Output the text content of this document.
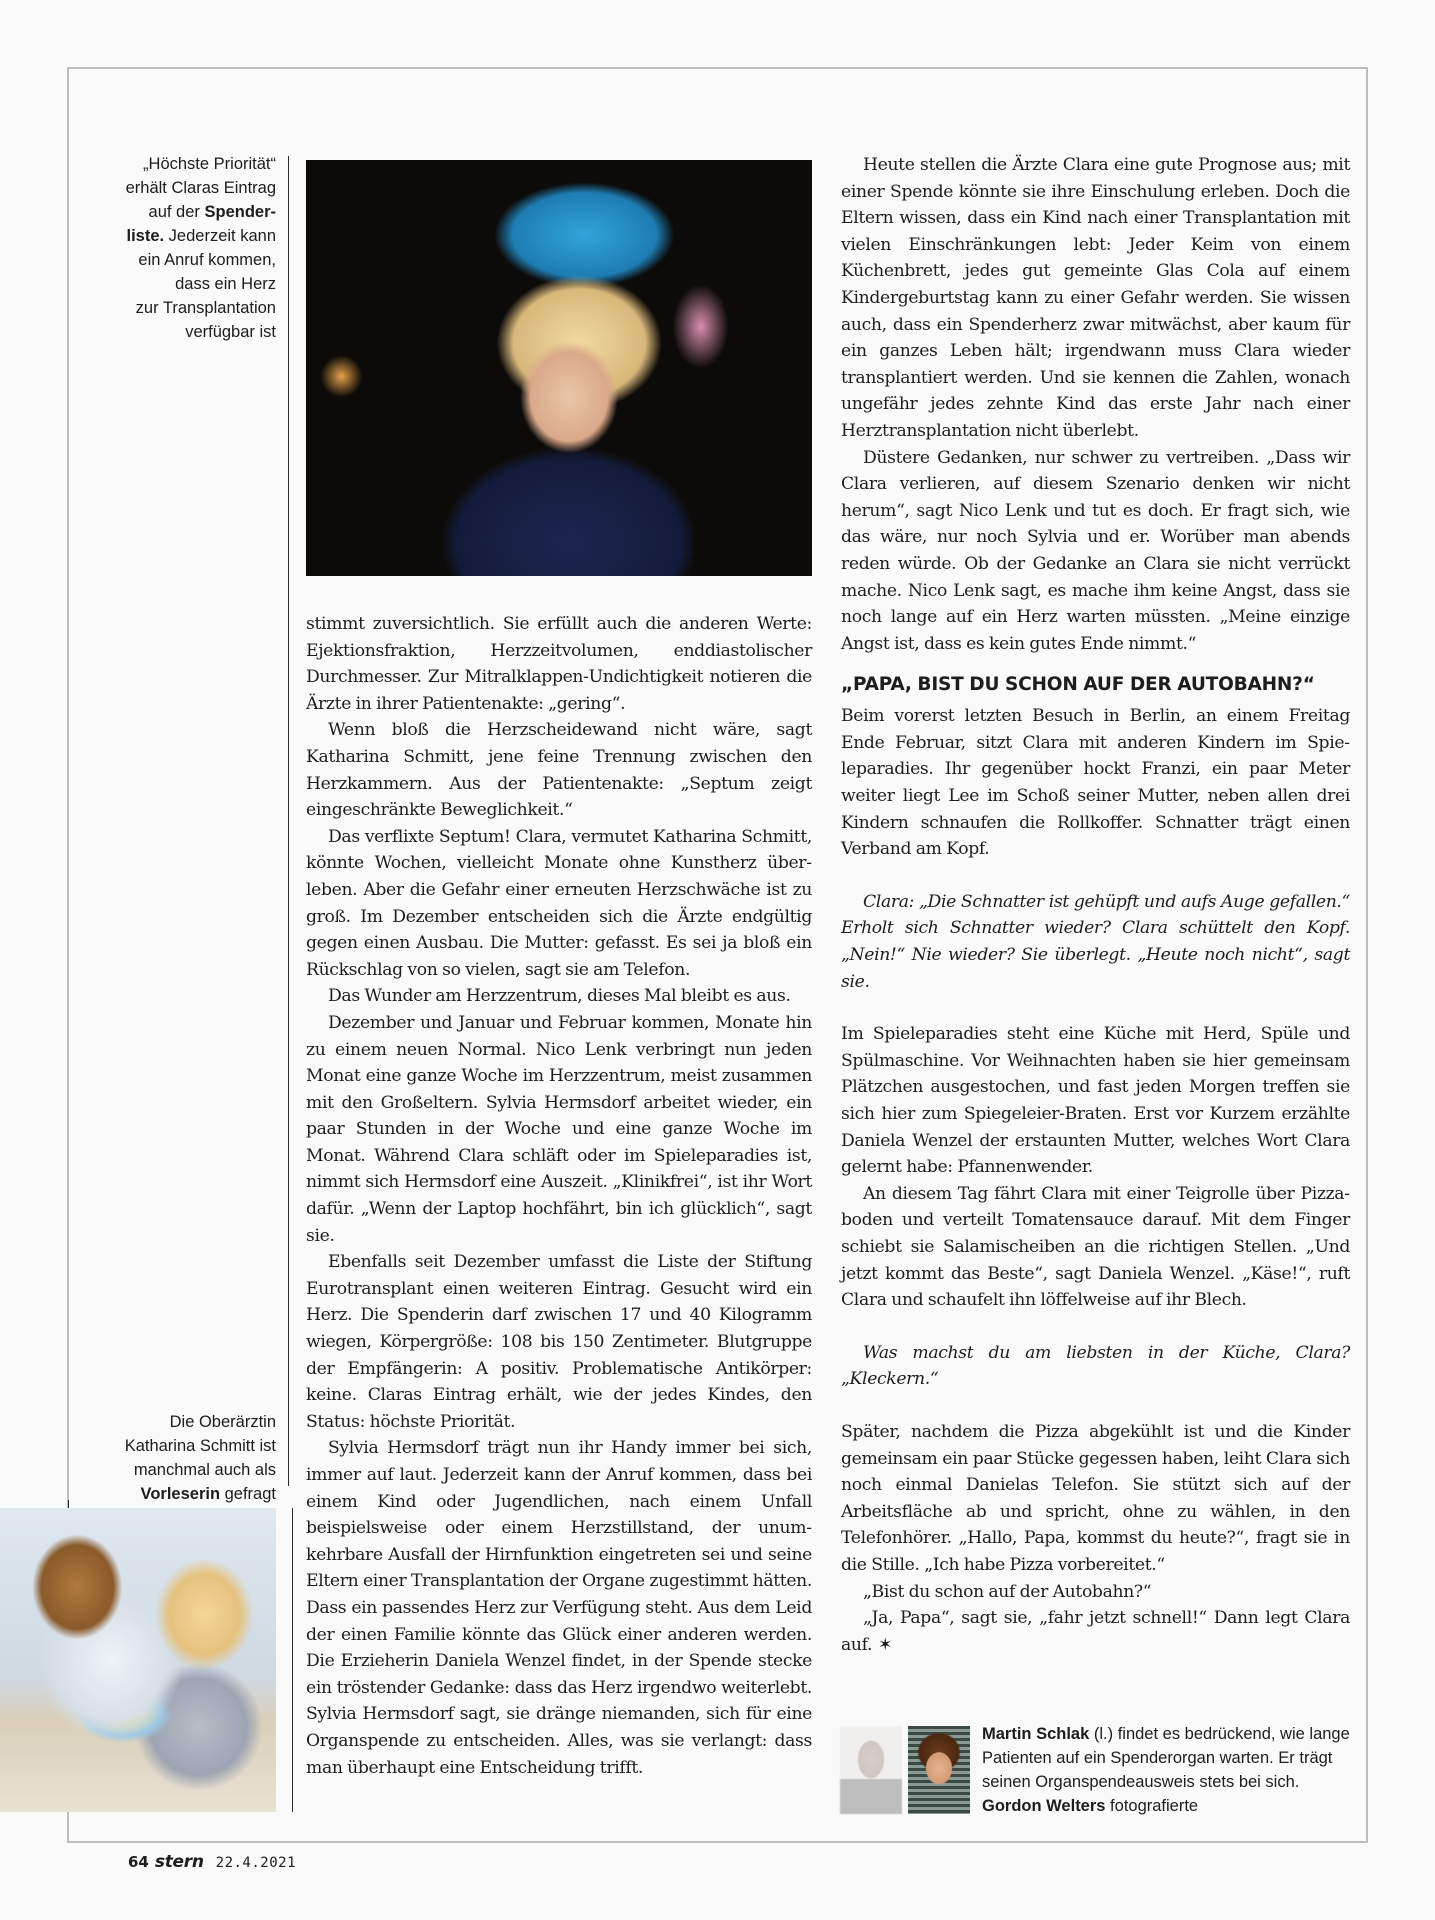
„Höchste Priorität“
erhält Claras Eintrag
auf der Spender-
liste. Jederzeit kann
ein Anruf kommen,
dass ein Herz
zur Transplantation
verfügbar ist
Die Oberärztin
Katharina Schmitt ist
manchmal auch als
Vorleserin gefragt

stimmt zuversichtlich. Sie erfüllt auch die anderen Werte: Ejektionsfraktion, Herzzeitvolumen, enddiastolischer Durchmesser. Zur Mitralklappen-Undichtigkeit notieren die Ärzte in ihrer Patientenakte: „gering“.

Wenn bloß die Herzscheidewand nicht wäre, sagt Katharina Schmitt, jene feine Trennung zwischen den Herzkammern. Aus der Patientenakte: „Septum zeigt eingeschränkte Beweglichkeit.“

Das verflixte Septum! Clara, vermutet Katharina Schmitt, könnte Wochen, vielleicht Monate ohne Kunstherz überleben. Aber die Gefahr einer erneuten Herzschwäche ist zu groß. Im Dezember entscheiden sich die Ärzte endgültig gegen einen Ausbau. Die Mutter: gefasst. Es sei ja bloß ein Rückschlag von so vielen, sagt sie am Telefon.

Das Wunder am Herzzentrum, dieses Mal bleibt es aus.

Dezember und Januar und Februar kommen, Monate hin zu einem neuen Normal. Nico Lenk verbringt nun jeden Monat eine ganze Woche im Herzzentrum, meist zusammen mit den Großeltern. Sylvia Hermsdorf arbeitet wieder, ein paar Stunden in der Woche und eine ganze Woche im Monat. Während Clara schläft oder im Spieleparadies ist, nimmt sich Hermsdorf eine Auszeit. „Klinikfrei“, ist ihr Wort dafür. „Wenn der Laptop hochfährt, bin ich glücklich“, sagt sie.

Ebenfalls seit Dezember umfasst die Liste der Stiftung Eurotransplant einen weiteren Eintrag. Gesucht wird ein Herz. Die Spenderin darf zwischen 17 und 40 Kilogramm wiegen, Körpergröße: 108 bis 150 Zentimeter. Blutgruppe der Empfängerin: A positiv. Problematische Antikörper: keine. Claras Eintrag erhält, wie der jedes Kindes, den Status: höchste Priorität.

Sylvia Hermsdorf trägt nun ihr Handy immer bei sich, immer auf laut. Jederzeit kann der Anruf kommen, dass bei einem Kind oder Jugendlichen, nach einem Unfall beispielsweise oder einem Herzstillstand, der unumkehrbare Ausfall der Hirnfunktion eingetreten sei und seine Eltern einer Transplantation der Organe zugestimmt hätten. Dass ein passendes Herz zur Verfügung steht. Aus dem Leid der einen Familie könnte das Glück einer anderen werden. Die Erzieherin Daniela Wenzel findet, in der Spende stecke ein tröstender Gedanke: dass das Herz irgendwo weiterlebt. Sylvia Hermsdorf sagt, sie dränge niemanden, sich für eine Organspende zu entscheiden. Alles, was sie verlangt: dass man überhaupt eine Entscheidung trifft.

Heute stellen die Ärzte Clara eine gute Prognose aus; mit einer Spende könnte sie ihre Einschulung erleben. Doch die Eltern wissen, dass ein Kind nach einer Transplantation mit vielen Einschränkungen lebt: Jeder Keim von einem Küchenbrett, jedes gut gemeinte Glas Cola auf einem Kindergeburtstag kann zu einer Gefahr werden. Sie wissen auch, dass ein Spenderherz zwar mitwächst, aber kaum für ein ganzes Leben hält; irgendwann muss Clara wieder transplantiert werden. Und sie kennen die Zahlen, wonach ungefähr jedes zehnte Kind das erste Jahr nach einer Herztransplantation nicht überlebt.

Düstere Gedanken, nur schwer zu vertreiben. „Dass wir Clara verlieren, auf diesem Szenario denken wir nicht herum“, sagt Nico Lenk und tut es doch. Er fragt sich, wie das wäre, nur noch Sylvia und er. Worüber man abends reden würde. Ob der Gedanke an Clara sie nicht verrückt mache. Nico Lenk sagt, es mache ihm keine Angst, dass sie noch lange auf ein Herz warten müssten. „Meine einzige Angst ist, dass es kein gutes Ende nimmt.“

„PAPA, BIST DU SCHON AUF DER AUTOBAHN?“

Beim vorerst letzten Besuch in Berlin, an einem Freitag Ende Februar, sitzt Clara mit anderen Kindern im Spieleparadies. Ihr gegenüber hockt Franzi, ein paar Meter weiter liegt Lee im Schoß seiner Mutter, neben allen drei Kindern schnaufen die Rollkoffer. Schnatter trägt einen Verband am Kopf.

Clara: „Die Schnatter ist gehüpft und aufs Auge gefallen.“ Erholt sich Schnatter wieder? Clara schüttelt den Kopf. „Nein!“ Nie wieder? Sie überlegt. „Heute noch nicht“, sagt sie.

Im Spieleparadies steht eine Küche mit Herd, Spüle und Spülmaschine. Vor Weihnachten haben sie hier gemeinsam Plätzchen ausgestochen, und fast jeden Morgen treffen sie sich hier zum Spiegeleier-Braten. Erst vor Kurzem erzählte Daniela Wenzel der erstaunten Mutter, welches Wort Clara gelernt habe: Pfannenwender.

An diesem Tag fährt Clara mit einer Teigrolle über Pizzaboden und verteilt Tomatensauce darauf. Mit dem Finger schiebt sie Salamischeiben an die richtigen Stellen. „Und jetzt kommt das Beste“, sagt Daniela Wenzel. „Käse!“, ruft Clara und schaufelt ihn löffelweise auf ihr Blech.

Was machst du am liebsten in der Küche, Clara? „Kleckern.“

Später, nachdem die Pizza abgekühlt ist und die Kinder gemeinsam ein paar Stücke gegessen haben, leiht Clara sich noch einmal Danielas Telefon. Sie stützt sich auf der Arbeitsfläche ab und spricht, ohne zu wählen, in den Telefonhörer. „Hallo, Papa, kommst du heute?“, fragt sie in die Stille. „Ich habe Pizza vorbereitet.“

„Bist du schon auf der Autobahn?“

„Ja, Papa“, sagt sie, „fahr jetzt schnell!“ Dann legt Clara auf. ✶

Martin Schlak (l.) findet es bedrückend, wie lange Patienten auf ein Spenderorgan warten. Er trägt seinen Organspendeausweis stets bei sich. Gordon Welters fotografierte
64 stern 22.4.2021
